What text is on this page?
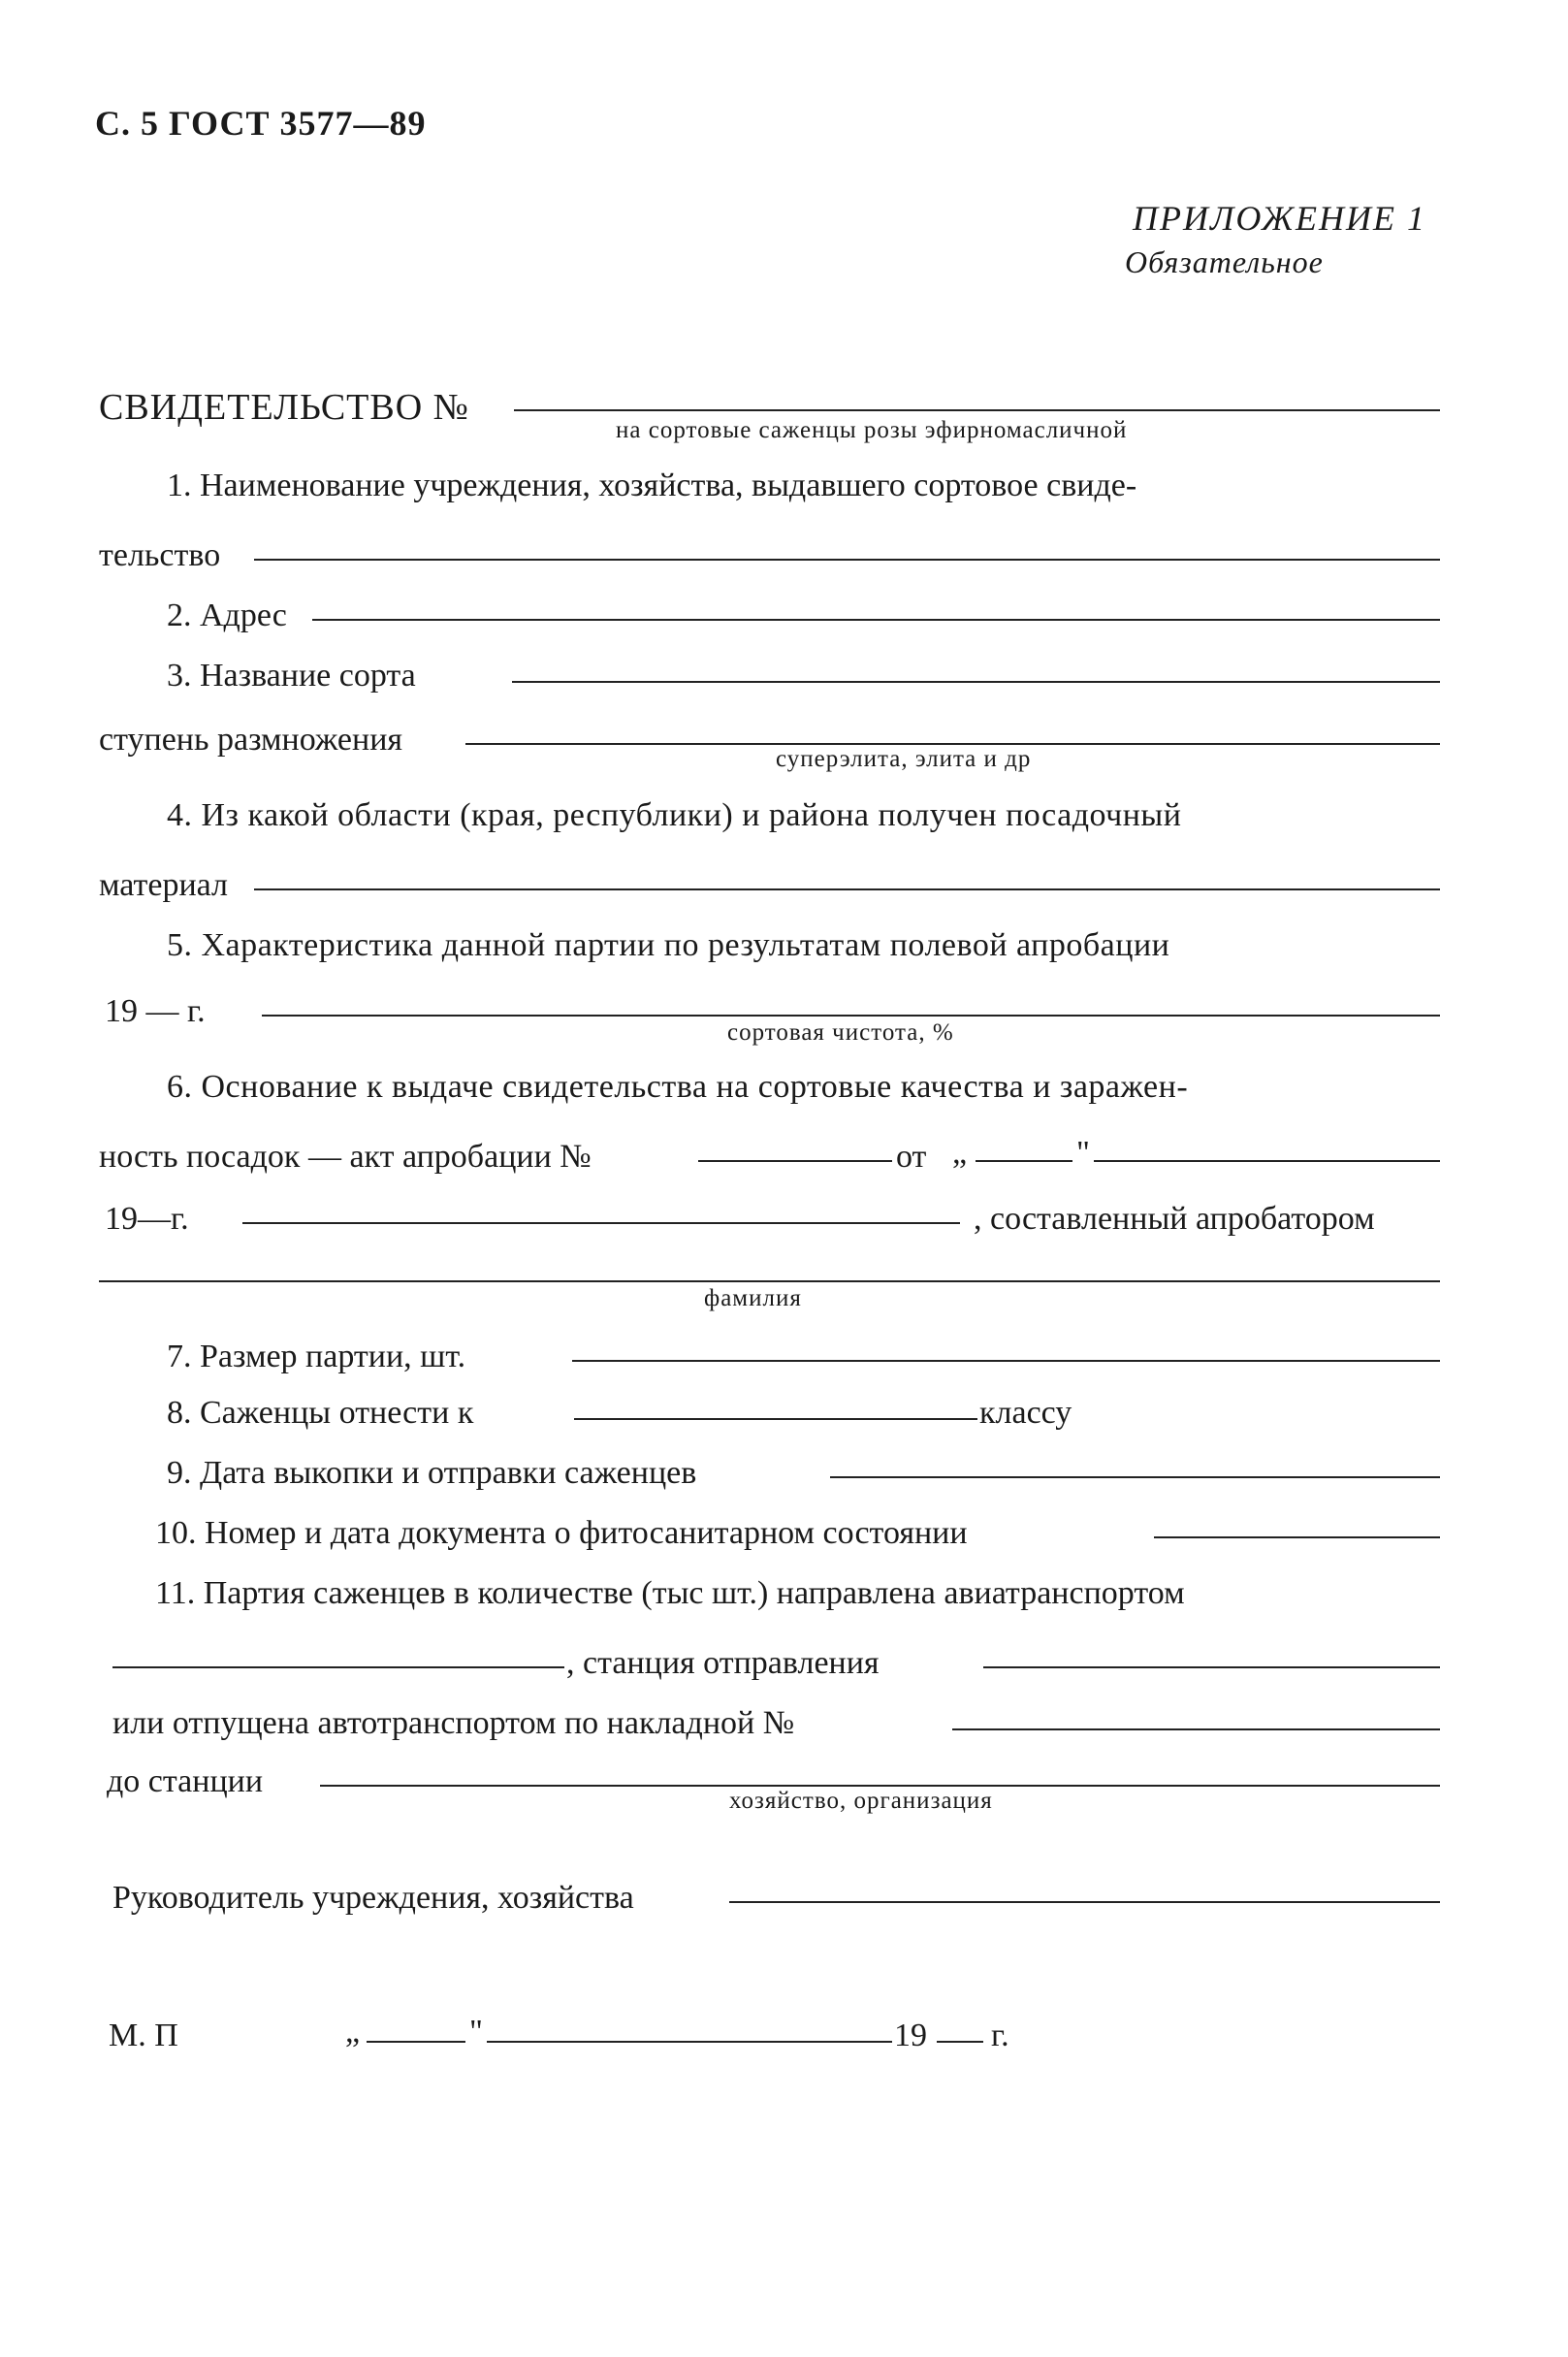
С. 5 ГОСТ 3577—89
ПРИЛОЖЕНИЕ 1
Обязательное
СВИДЕТЕЛЬСТВО №
на сортовые саженцы розы эфирномасличной
1. Наименование учреждения, хозяйства, выдавшего сортовое свиде-
тельство
2. Адрес
3. Название сорта
ступень размножения
суперэлита, элита и др
4. Из какой области (края, республики) и района получен посадочный
материал
5. Характеристика данной партии по результатам полевой апробации
19 — г.
сортовая чистота, %
6. Основание к выдаче свидетельства на сортовые качества и заражен-
ность посадок — акт апробации №	от „	"
19—г.	, составленный апробатором
фамилия
7. Размер партии, шт.
8. Саженцы отнести к	классу
9. Дата выкопки и отправки саженцев
10. Номер и дата документа о фитосанитарном состоянии
11. Партия саженцев в количестве (тыс шт.) направлена авиатранспортом
, станция отправления
или отпущена автотранспортом по накладной №
до станции
хозяйство, организация
Руководитель учреждения, хозяйства
М. П	„	"	19 г.
